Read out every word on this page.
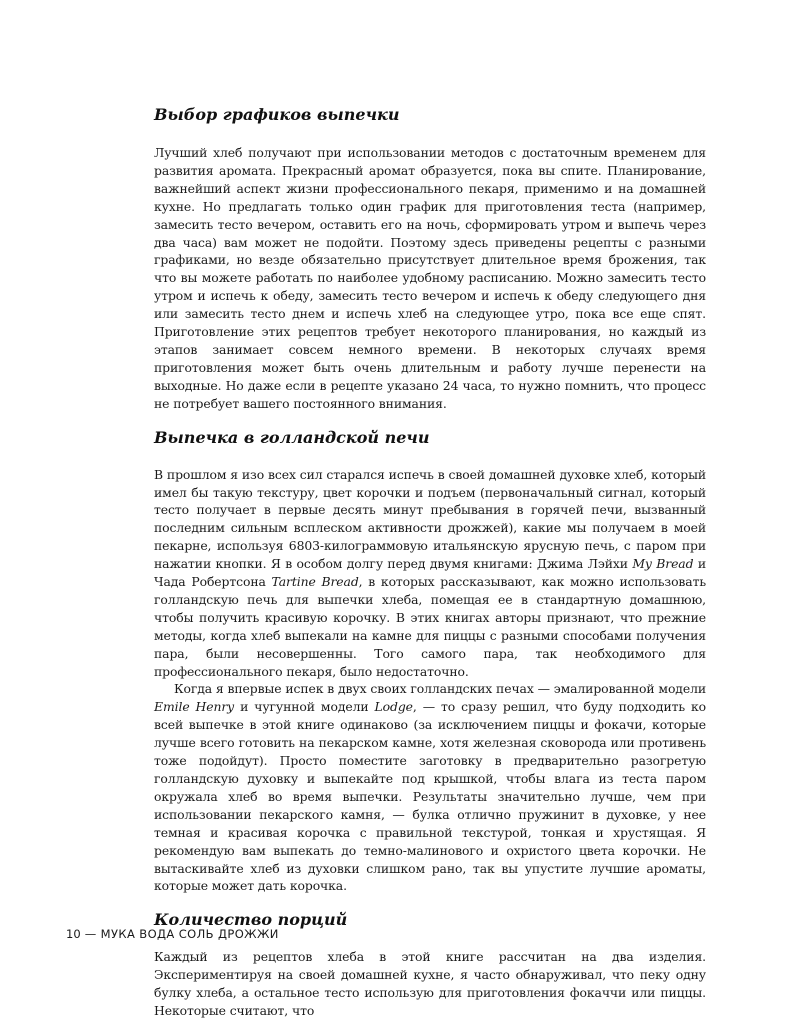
Выбор графиков выпечки

Лучший хлеб получают при использовании методов с достаточным временем для развития аромата. Прекрасный аромат образуется, пока вы спите. Планирование, важнейший аспект жизни профессионального пекаря, применимо и на домашней кухне. Но предлагать только один график для приготовления теста (например, замесить тесто вечером, оставить его на ночь, сформировать утром и выпечь через два часа) вам может не подойти. Поэтому здесь приведены рецепты с разными графиками, но везде обязательно присутствует длительное время брожения, так что вы можете работать по наиболее удобному расписанию. Можно замесить тесто утром и испечь к обеду, замесить тесто вечером и испечь к обеду следующего дня или замесить тесто днем и испечь хлеб на следующее утро, пока все еще спят. Приготовление этих рецептов требует некоторого планирования, но каждый из этапов занимает совсем немного времени. В некоторых случаях время приготовления может быть очень длительным и работу лучше перенести на выходные. Но даже если в рецепте указано 24 часа, то нужно помнить, что процесс не потребует вашего постоянного внимания.

Выпечка в голландской печи

В прошлом я изо всех сил старался испечь в своей домашней духовке хлеб, который имел бы такую текстуру, цвет корочки и подъем (первоначальный сигнал, который тесто получает в первые десять минут пребывания в горячей печи, вызванный последним сильным всплеском активности дрожжей), какие мы получаем в моей пекарне, используя 6803-килограммовую итальянскую ярусную печь, с паром при нажатии кнопки. Я в особом долгу перед двумя книгами: Джима Лэйхи My Bread и Чада Робертсона Tartine Bread, в которых рассказывают, как можно использовать голландскую печь для выпечки хлеба, помещая ее в стандартную домашнюю, чтобы получить красивую корочку. В этих книгах авторы признают, что прежние методы, когда хлеб выпекали на камне для пиццы с разными способами получения пара, были несовершенны. Того самого пара, так необходимого для профессионального пекаря, было недостаточно.

Когда я впервые испек в двух своих голландских печах — эмалированной модели Emile Henry и чугунной модели Lodge, — то сразу решил, что буду подходить ко всей выпечке в этой книге одинаково (за исключением пиццы и фокачи, которые лучше всего готовить на пекарском камне, хотя железная сковорода или противень тоже подойдут). Просто поместите заготовку в предварительно разогретую голландскую духовку и выпекайте под крышкой, чтобы влага из теста паром окружала хлеб во время выпечки. Результаты значительно лучше, чем при использовании пекарского камня, — булка отлично пружинит в духовке, у нее темная и красивая корочка с правильной текстурой, тонкая и хрустящая. Я рекомендую вам выпекать до темно-малинового и охристого цвета корочки. Не вытаскивайте хлеб из духовки слишком рано, так вы упустите лучшие ароматы, которые может дать корочка.

Количество порций

Каждый из рецептов хлеба в этой книге рассчитан на два изделия. Экспериментируя на своей домашней кухне, я часто обнаруживал, что пеку одну булку хлеба, а остальное тесто использую для приготовления фокаччи или пиццы. Некоторые считают, что

10 — МУКА ВОДА СОЛЬ ДРОЖЖИ
